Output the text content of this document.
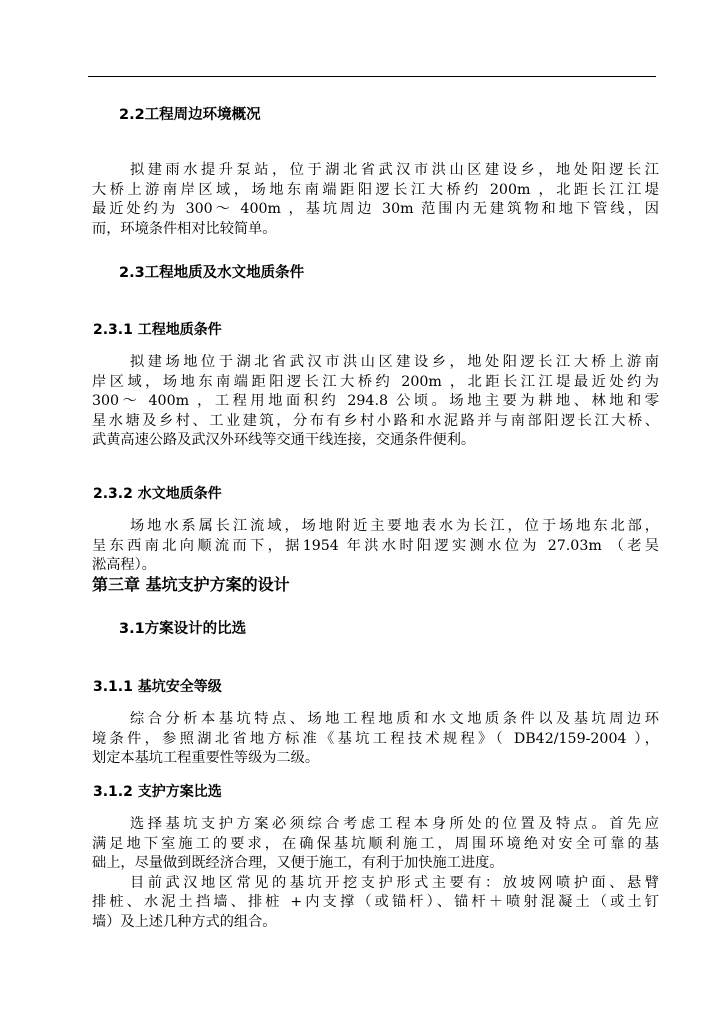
2.2工程周边环境概况
拟建雨水提升泵站，位于湖北省武汉市洪山区建设乡，地处阳逻长江
大桥上游南岸区域，场地东南端距阳逻长江大桥约 200m ，北距长江江堤
最近处约为 300～ 400m ，基坑周边 30m 范围内无建筑物和地下管线，因
而，环境条件相对比较简单。
2.3工程地质及水文地质条件
2.3.1 工程地质条件
拟建场地位于湖北省武汉市洪山区建设乡，地处阳逻长江大桥上游南
岸区域，场地东南端距阳逻长江大桥约 200m ，北距长江江堤最近处约为
300～ 400m ，工程用地面积约 294.8 公顷。场地主要为耕地、林地和零
星水塘及乡村、工业建筑，分布有乡村小路和水泥路并与南部阳逻长江大桥、
武黄高速公路及武汉外环线等交通干线连接，交通条件便利。
2.3.2 水文地质条件
场地水系属长江流域，场地附近主要地表水为长江，位于场地东北部，
呈东西南北向顺流而下，据1954 年洪水时阳逻实测水位为 27.03m （老吴
淞高程）。
第三章 基坑支护方案的设计
3.1方案设计的比选
3.1.1 基坑安全等级
综合分析本基坑特点、场地工程地质和水文地质条件以及基坑周边环
境条件，参照湖北省地方标准《基坑工程技术规程》（ DB42/159-2004 ），
划定本基坑工程重要性等级为二级。
3.1.2 支护方案比选
选择基坑支护方案必须综合考虑工程本身所处的位置及特点。首先应
满足地下室施工的要求，在确保基坑顺利施工，周围环境绝对安全可靠的基
础上，尽量做到既经济合理，又便于施工，有利于加快施工进度。
目前武汉地区常见的基坑开挖支护形式主要有：放坡网喷护面、悬臂
排桩、水泥土挡墙、排桩 +内支撑（或锚杆）、锚杆＋喷射混凝土（或土钉
墙）及上述几种方式的组合。
